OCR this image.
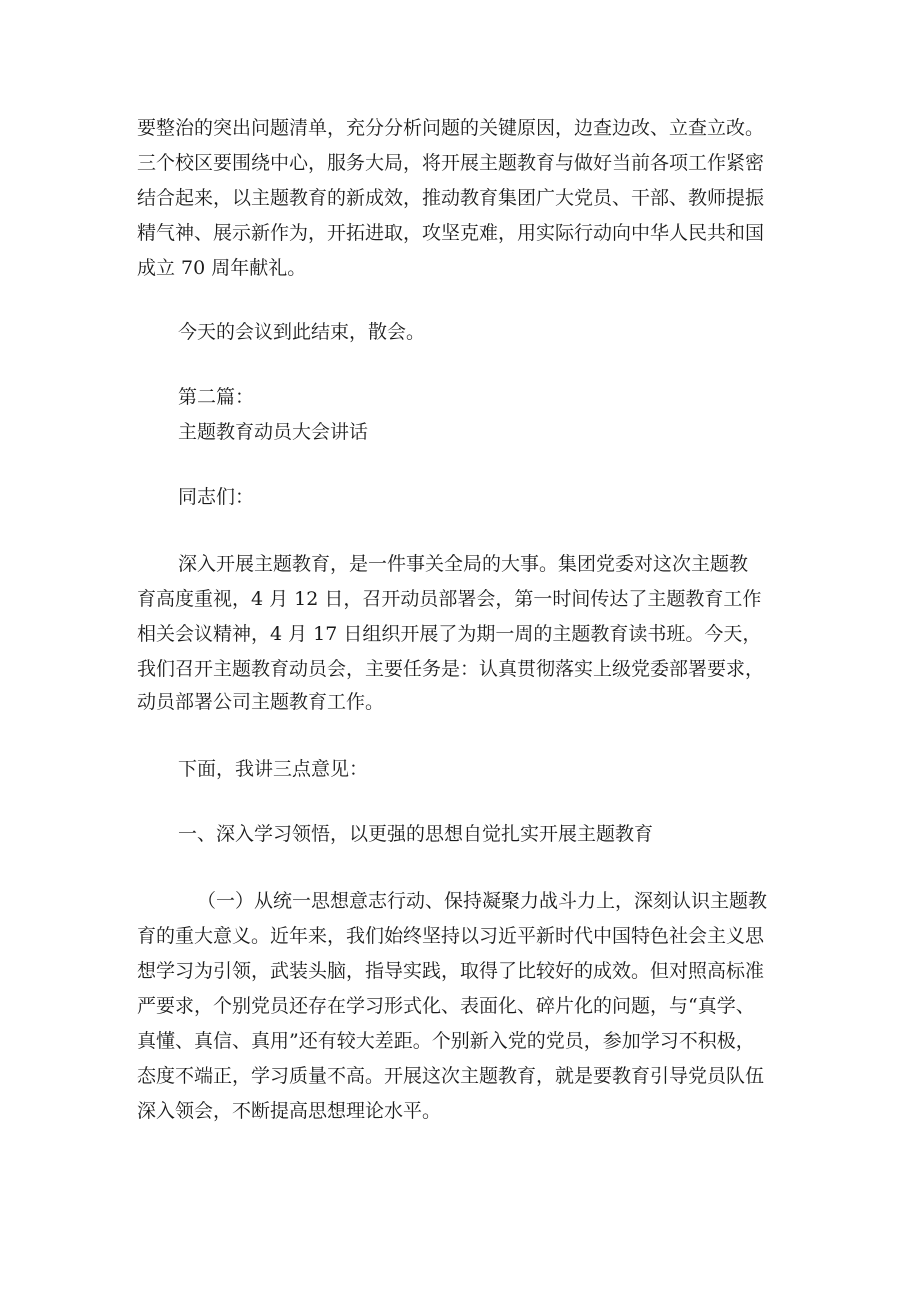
要整治的突出问题清单，充分分析问题的关键原因，边查边改、立查立改。
三个校区要围绕中心，服务大局，将开展主题教育与做好当前各项工作紧密
结合起来，以主题教育的新成效，推动教育集团广大党员、干部、教师提振
精气神、展示新作为，开拓进取，攻坚克难，用实际行动向中华人民共和国
成立 70 周年献礼。
今天的会议到此结束，散会。
第二篇：
主题教育动员大会讲话
同志们：
深入开展主题教育，是一件事关全局的大事。集团党委对这次主题教
育高度重视，4 月 12 日，召开动员部署会，第一时间传达了主题教育工作
相关会议精神，4 月 17 日组织开展了为期一周的主题教育读书班。今天，
我们召开主题教育动员会，主要任务是：认真贯彻落实上级党委部署要求，
动员部署公司主题教育工作。
下面，我讲三点意见：
一、深入学习领悟，以更强的思想自觉扎实开展主题教育
（一）从统一思想意志行动、保持凝聚力战斗力上，深刻认识主题教
育的重大意义。近年来，我们始终坚持以习近平新时代中国特色社会主义思
想学习为引领，武装头脑，指导实践，取得了比较好的成效。但对照高标准
严要求，个别党员还存在学习形式化、表面化、碎片化的问题，与“真学、
真懂、真信、真用”还有较大差距。个别新入党的党员，参加学习不积极，
态度不端正，学习质量不高。开展这次主题教育，就是要教育引导党员队伍
深入领会，不断提高思想理论水平。
